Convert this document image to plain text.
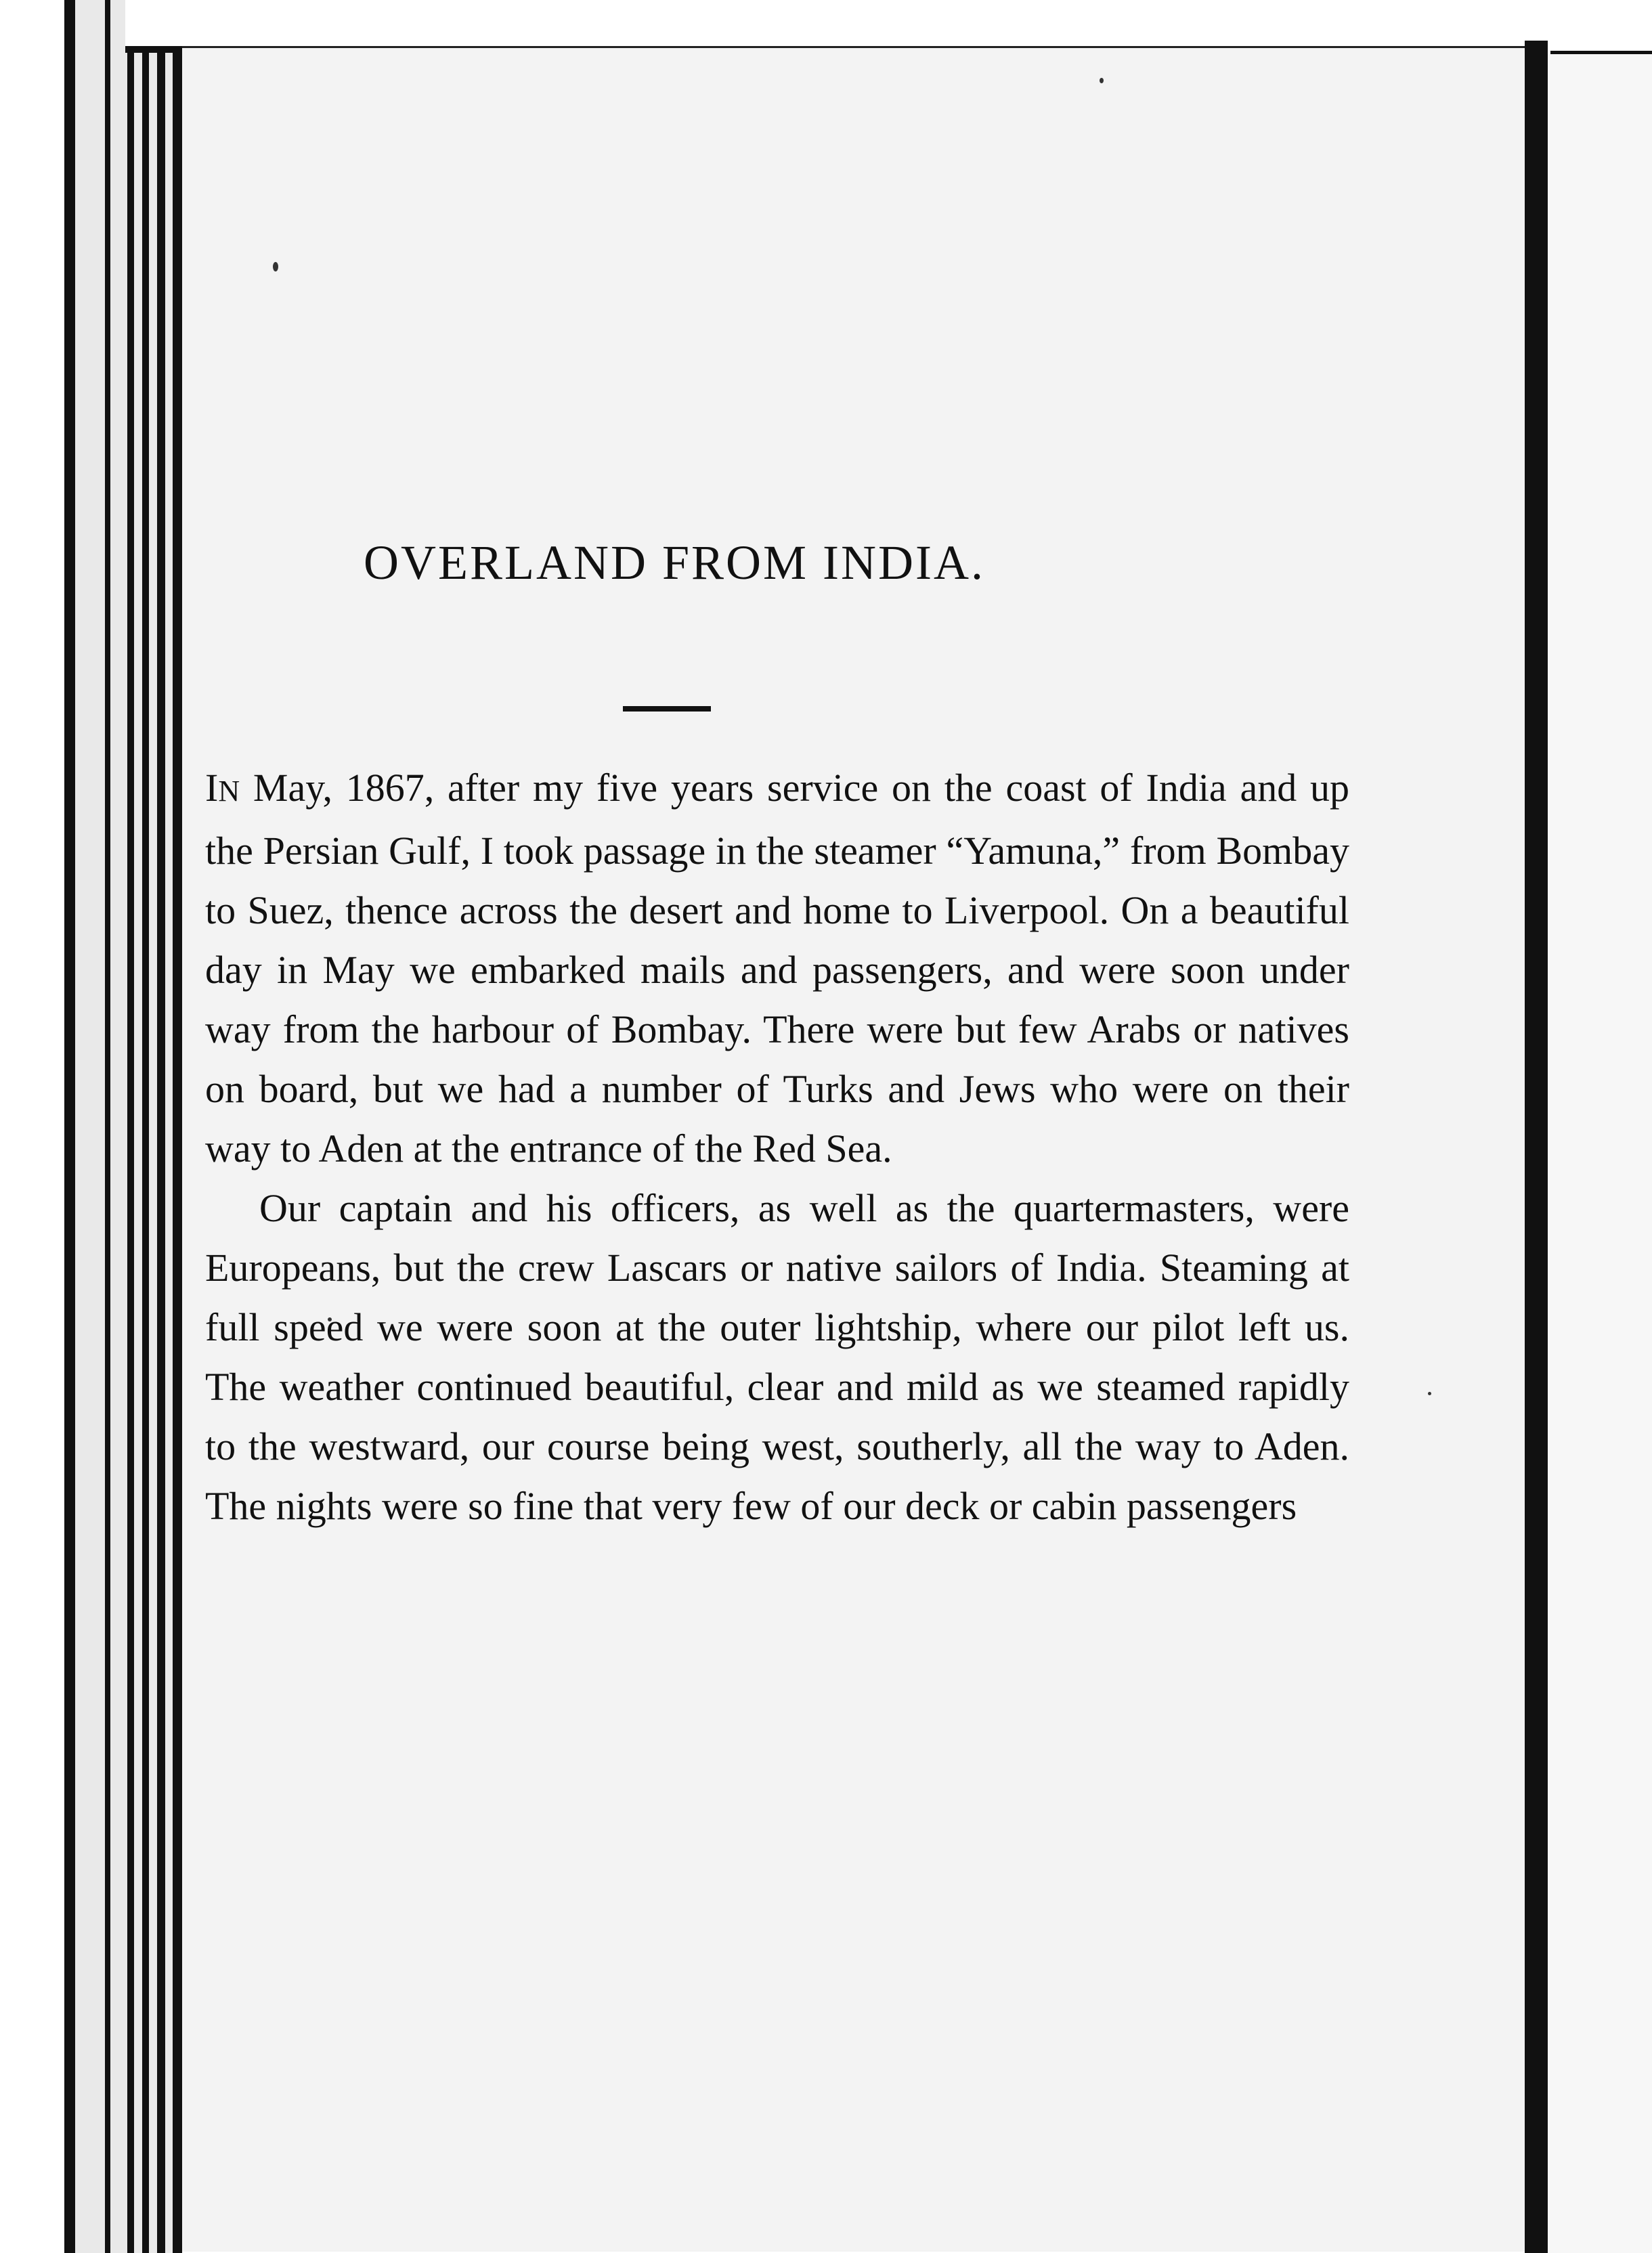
OVERLAND FROM INDIA.

IN May, 1867, after my five years service on the coast of India and up the Persian Gulf, I took passage in the steamer “Yamuna,” from Bombay to Suez, thence across the desert and home to Liverpool. On a beautiful day in May we embarked mails and passengers, and were soon under way from the harbour of Bombay. There were but few Arabs or natives on board, but we had a number of Turks and Jews who were on their way to Aden at the entrance of the Red Sea.

Our captain and his officers, as well as the quartermasters, were Europeans, but the crew Lascars or native sailors of India. Steaming at full speed we were soon at the outer lightship, where our pilot left us. The weather continued beautiful, clear and mild as we steamed rapidly to the westward, our course being west, southerly, all the way to Aden. The nights were so fine that very few of our deck or cabin passengers
